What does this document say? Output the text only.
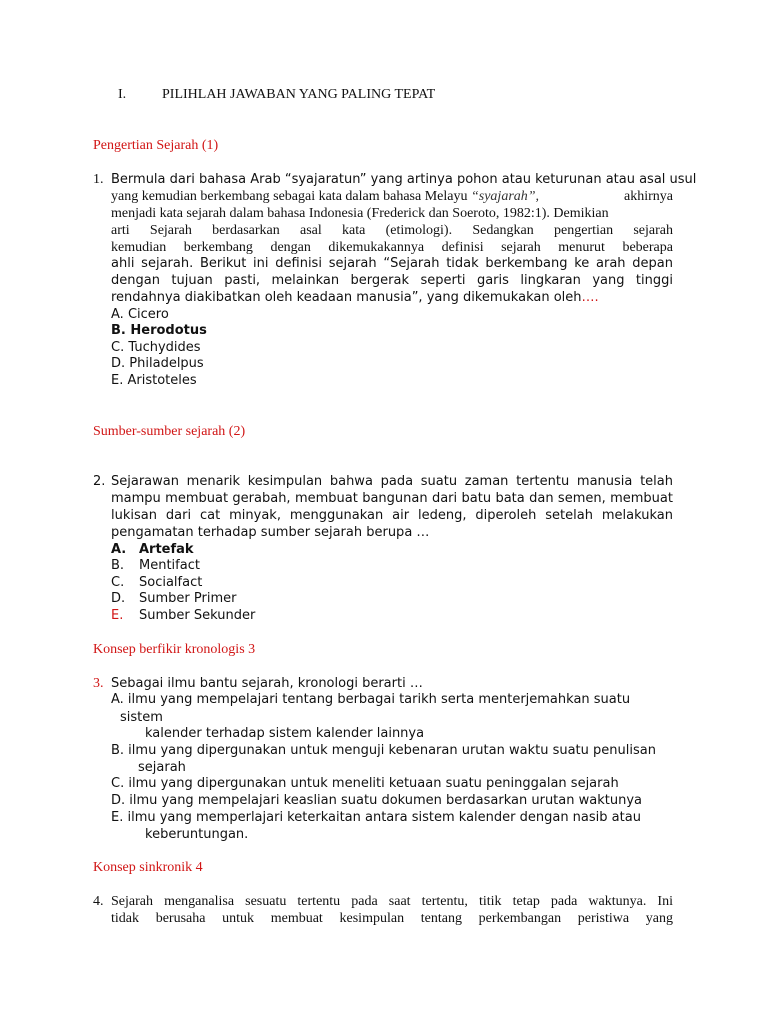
I.	PILIHLAH JAWABAN YANG PALING TEPAT
Pengertian Sejarah (1)
1. Bermula dari bahasa Arab “syajaratun” yang artinya pohon atau keturunan atau asal usul
yang kemudian berkembang sebagai kata dalam bahasa Melayu “syajarah”,	akhirnya
menjadi kata sejarah dalam bahasa Indonesia (Frederick dan Soeroto, 1982:1). Demikian
arti Sejarah berdasarkan asal kata (etimologi). Sedangkan pengertian sejarah
kemudian berkembang dengan dikemukakannya definisi sejarah menurut beberapa
ahli sejarah. Berikut ini definisi sejarah “Sejarah tidak berkembang ke arah depan
dengan tujuan pasti, melainkan bergerak seperti garis lingkaran yang tinggi
rendahnya diakibatkan oleh keadaan manusia”, yang dikemukakan oleh….
A. Cicero
B. Herodotus
C. Tuchydides
D. Philadelpus
E. Aristoteles
Sumber-sumber sejarah (2)
2. Sejarawan menarik kesimpulan bahwa pada suatu zaman tertentu manusia telah
mampu membuat gerabah, membuat bangunan dari batu bata dan semen, membuat
lukisan dari cat minyak, menggunakan air ledeng, diperoleh setelah melakukan
pengamatan terhadap sumber sejarah berupa …
A. Artefak
B. Mentifact
C. Socialfact
D. Sumber Primer
E. Sumber Sekunder
Konsep berfikir kronologis 3
3. Sebagai ilmu bantu sejarah, kronologi berarti …
A. ilmu yang mempelajari tentang berbagai tarikh serta menterjemahkan suatu
sistem
kalender terhadap sistem kalender lainnya
B. ilmu yang dipergunakan untuk menguji kebenaran urutan waktu suatu penulisan
sejarah
C. ilmu yang dipergunakan untuk meneliti ketuaan suatu peninggalan sejarah
D. ilmu yang mempelajari keaslian suatu dokumen berdasarkan urutan waktunya
E. ilmu yang memperlajari keterkaitan antara sistem kalender dengan nasib atau
keberuntungan.
Konsep sinkronik 4
4. Sejarah menganalisa sesuatu tertentu pada saat tertentu, titik tetap pada waktunya. Ini
tidak berusaha untuk membuat kesimpulan tentang perkembangan peristiwa yang
